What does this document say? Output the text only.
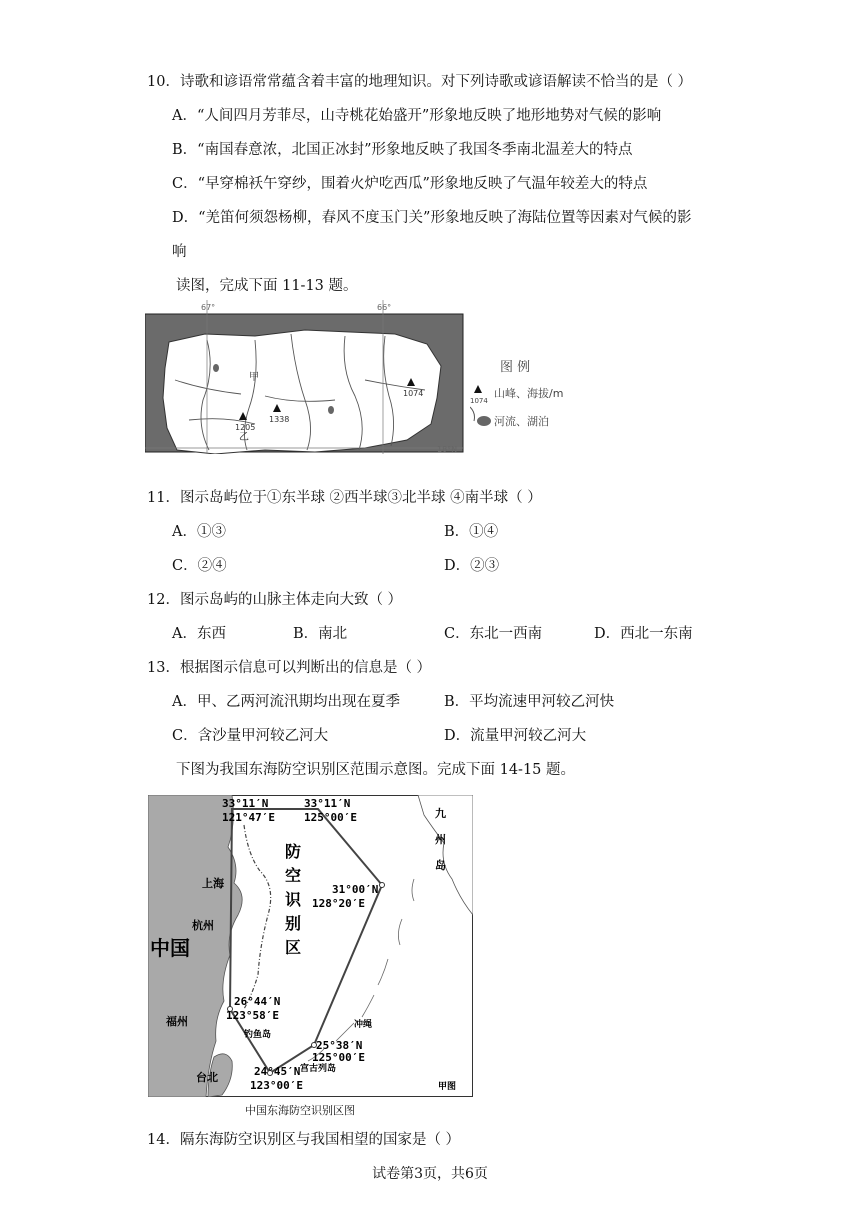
10．诗歌和谚语常常蕴含着丰富的地理知识。对下列诗歌或谚语解读不恰当的是（ ）
A．“人间四月芳菲尽，山寺桃花始盛开”形象地反映了地形地势对气候的影响
B．“南国春意浓，北国正冰封”形象地反映了我国冬季南北温差大的特点
C．“早穿棉袄午穿纱，围着火炉吃西瓜”形象地反映了气温年较差大的特点
D．“羌笛何须怨杨柳，春风不度玉门关”形象地反映了海陆位置等因素对气候的影
响
读图，完成下面 11-13 题。
67°	66°
18°N
甲
乙
1205
1338
1074
图 例
1074
山峰、海拔/m
河流、湖泊
11．图示岛屿位于①东半球 ②西半球③北半球 ④南半球（ ）
A．①③	B．①④
C．②④	D．②③
12．图示岛屿的山脉主体走向大致（ ）
A．东西	B．南北	C．东北一西南	D．西北一东南
13．根据图示信息可以判断出的信息是（ ）
A．甲、乙两河流汛期均出现在夏季	B．平均流速甲河较乙河快
C．含沙量甲河较乙河大	D．流量甲河较乙河大
下图为我国东海防空识别区范围示意图。完成下面 14-15 题。
33°11′N
121°47′E
33°11′N
125°00′E
31°00′N
128°20′E
26°44′N
123°58′E
25°38′N
125°00′E
24°45′N
123°00′E
防
空
识
别
区
九
州
岛
上海
杭州
福州
台北
中国
钓鱼岛
冲绳
宫古列岛
甲图
中国东海防空识别区图
14．隔东海防空识别区与我国相望的国家是（ ）
试卷第3页，共6页
